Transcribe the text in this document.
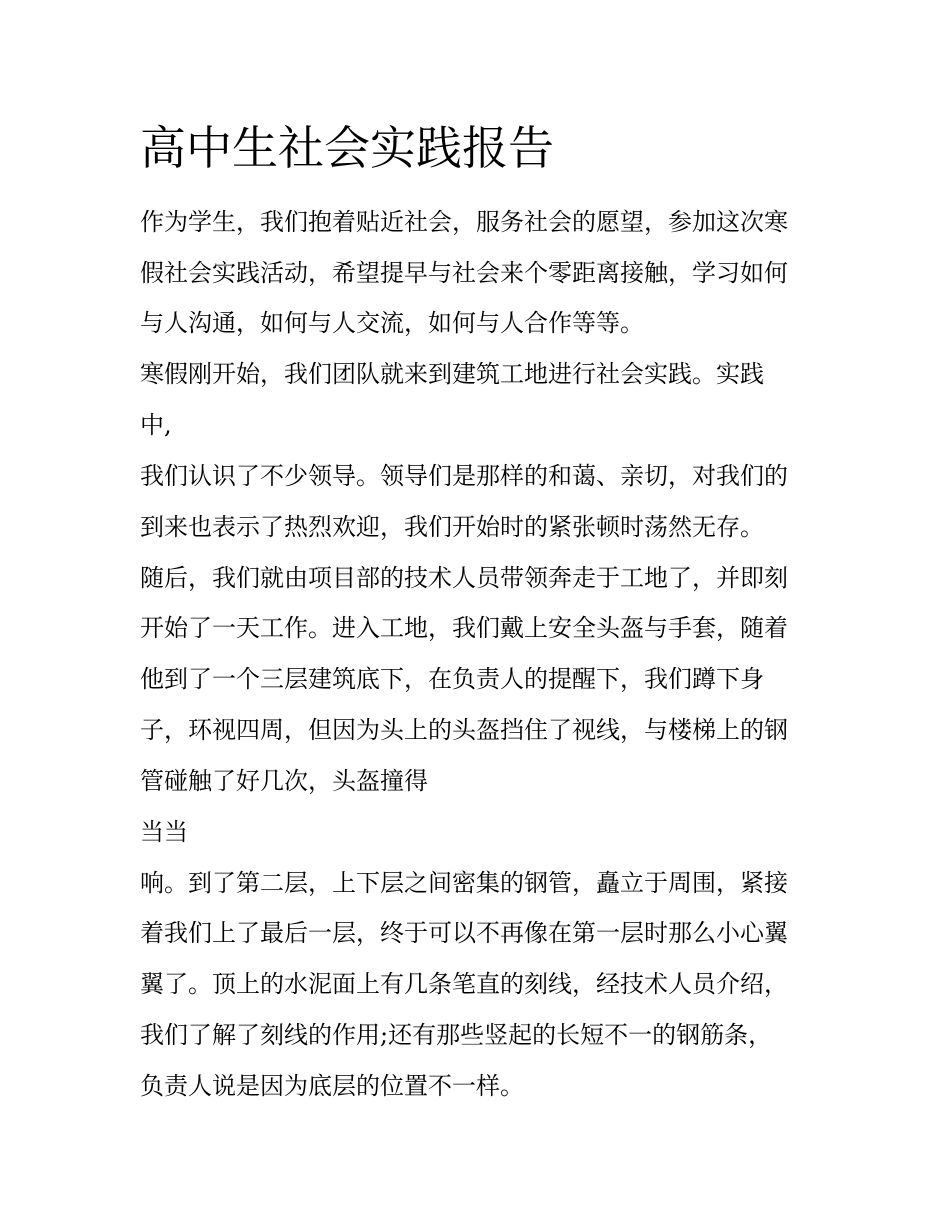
高中生社会实践报告

作为学生，我们抱着贴近社会，服务社会的愿望，参加这次寒

假社会实践活动，希望提早与社会来个零距离接触，学习如何

与人沟通，如何与人交流，如何与人合作等等。

寒假刚开始，我们团队就来到建筑工地进行社会实践。实践

中,

我们认识了不少领导。领导们是那样的和蔼、亲切，对我们的

到来也表示了热烈欢迎，我们开始时的紧张顿时荡然无存。

随后，我们就由项目部的技术人员带领奔走于工地了，并即刻

开始了一天工作。进入工地，我们戴上安全头盔与手套，随着

他到了一个三层建筑底下，在负责人的提醒下，我们蹲下身

子，环视四周，但因为头上的头盔挡住了视线，与楼梯上的钢

管碰触了好几次，头盔撞得

当当

响。到了第二层，上下层之间密集的钢管，矗立于周围，紧接

着我们上了最后一层，终于可以不再像在第一层时那么小心翼

翼了。顶上的水泥面上有几条笔直的刻线，经技术人员介绍，

我们了解了刻线的作用;还有那些竖起的长短不一的钢筋条，

负责人说是因为底层的位置不一样。
